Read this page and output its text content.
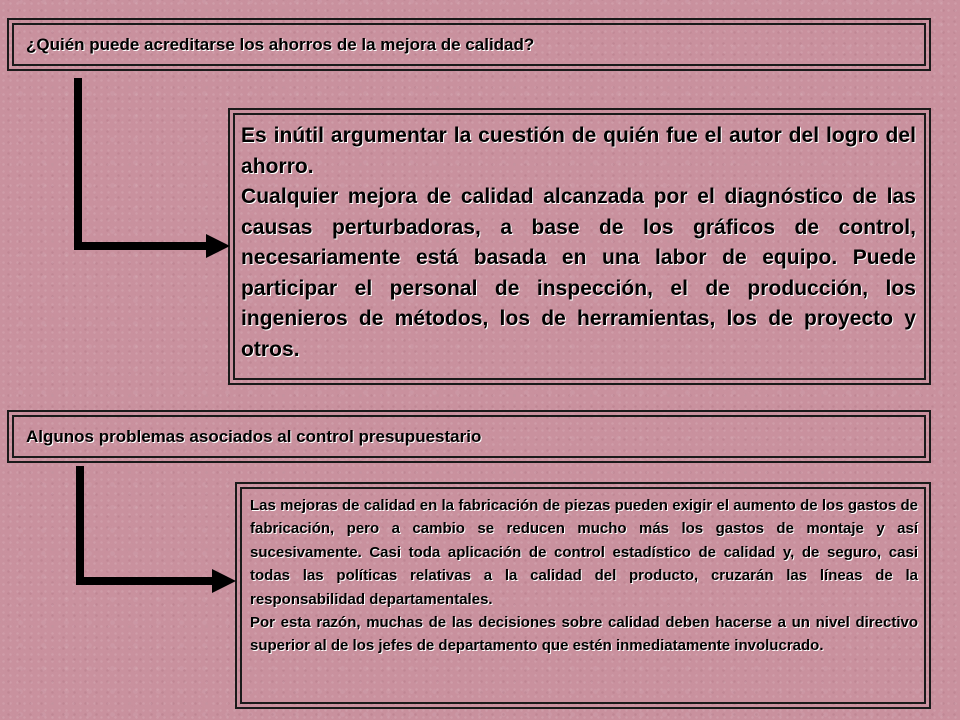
¿Quién puede acreditarse los ahorros de la mejora de calidad?

Es inútil argumentar la cuestión de quién fue el autor del logro del ahorro.

Cualquier mejora de calidad alcanzada por el diagnóstico de las causas perturbadoras, a base de los gráficos de control, necesariamente está basada en una labor de equipo. Puede participar el personal de inspección, el de producción, los ingenieros de métodos, los de herramientas, los de proyecto y otros.

Algunos problemas asociados al control presupuestario

Las mejoras de calidad en la fabricación de piezas pueden exigir el aumento de los gastos de fabricación, pero a cambio se reducen mucho más los gastos de montaje y así sucesivamente. Casi toda aplicación de control estadístico de calidad y, de seguro, casi todas las políticas relativas a la calidad del producto, cruzarán las líneas de la responsabilidad departamentales.

Por esta razón, muchas de las decisiones sobre calidad deben hacerse a un nivel directivo superior al de los jefes de departamento que estén inmediatamente involucrado.
